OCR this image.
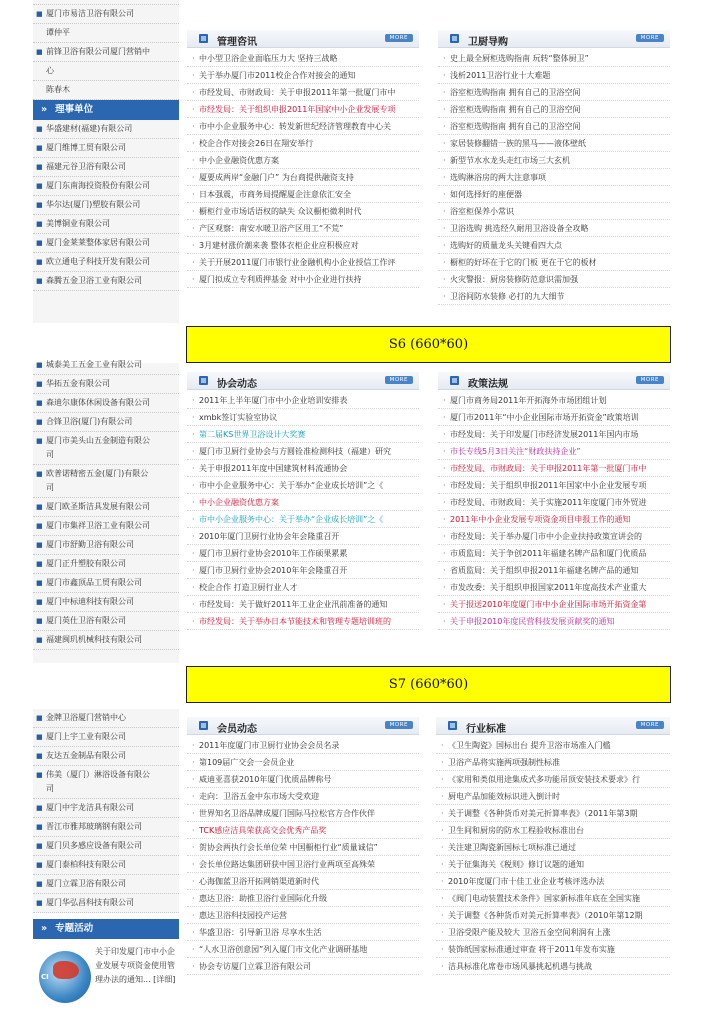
■ 厦门市易洁卫浴有限公司
谭仲平
■ 前锋卫浴有限公司厦门营销中
心
陈春木
» 理事单位
■ 华盛建材(福建)有限公司
■ 厦门维博工贸有限公司
■ 福建元谷卫浴有限公司
■ 厦门东南海投资股份有限公司
■ 华尔达(厦门)塑胶有限公司
■ 美博铜业有限公司
■ 厦门金莱莱整体家居有限公司
■ 欧立通电子科技开发有限公司
■ 森腾五金卫浴工业有限公司
管理咨讯	MORE
· 中小型卫浴企业面临压力大 坚持三战略
· 关于举办厦门市2011校企合作对接会的通知
· 市经发局、市财政局：关于申报2011年第一批厦门市中
· 市经发局：关于组织申报2011年国家中小企业发展专项
· 市中小企业服务中心：转发新世纪经济管理教育中心关
· 校企合作对接会26日在翔安举行
· 中小企业融资优惠方案
· 厦要成两岸“金融门户” 为台商提供融资支持
· 日本强震，市商务局提醒厦企注意依汇安全
· 橱柜行业市场话语权的缺失 众议橱柜微利时代
· 产区观察：南安水暖卫浴产区用工“不荒”
· 3月建材涨价潮来袭 整体衣柜企业应积极应对
· 关于开展2011厦门市银行业金融机构小企业授信工作评
· 厦门拟成立专利质押基金 对中小企业进行扶持
卫厨导购	MORE
· 史上最全厨柜选购指南 玩转“整体厨卫”
· 浅析2011卫浴行业十大难题
· 浴室柜选购指南 拥有自己的卫浴空间
· 浴室柜选购指南 拥有自己的卫浴空间
· 浴室柜选购指南 拥有自己的卫浴空间
· 家居装修翻错一族的黑马——液体壁纸
· 新型节水水龙头走红市场三大玄机
· 选购淋浴房的两大注意事项
· 如何选择好的座便器
· 浴室柜保养小常识
· 卫浴选购 挑选经久耐用卫浴设备全攻略
· 选购好的质量龙头关键看四大点
· 橱柜的好坏在于它的门板 更在于它的板材
· 火灾警报：厨房装修防范意识需加强
· 卫浴间防水装修 必打的九大细节
S6 (660*60)
■ 城泰美工五金工业有限公司
■ 华拓五金有限公司
■ 森迪尔康体休闲设备有限公司
■ 合锋卫浴(厦门)有限公司
■ 厦门市美头山五金制造有限公
司
■ 欧普诺精密五金(厦门)有限公
司
■ 厦门欧圣斯洁具发展有限公司
■ 厦门市集祥卫浴工业有限公司
■ 厦门市舒勤卫浴有限公司
■ 厦门正升塑胶有限公司
■ 厦门市鑫顶品工贸有限公司
■ 厦门中标迪科技有限公司
■ 厦门英仕卫浴有限公司
■ 福建闽玑机械科技有限公司
协会动态	MORE
· 2011年上半年厦门市中小企业培训安排表
· xmbk签订实验室协议
· 第二届KS世界卫浴设计大奖赛
· 厦门市卫厨行业协会与方圆铨准检测科技（福建）研究
· 关于申报2011年度中国建筑材料流通协会
· 市中小企业服务中心：关于举办“企业成长培训”之《
· 中小企业融资优惠方案
· 市中小企业服务中心：关于举办“企业成长培训”之《
· 2010年厦门卫厨行业协会年会隆重召开
· 厦门市卫厨行业协会2010年工作硕果累累
· 厦门市卫厨行业协会2010年年会隆重召开
· 校企合作 打造卫厨行业人才
· 市经发局：关于做好2011年工业企业汛前准备的通知
· 市经发局：关于举办日本节能技术和管理专题培训班的
政策法规	MORE
· 厦门市商务局2011年开拓海外市场团组计划
· 厦门市2011年“中小企业国际市场开拓资金”政策培训
· 市经发局：关于印发厦门市经济发展2011年国内市场
· 市长专线5月3日关注“财政扶持企业”
· 市经发局、市财政局：关于申报2011年第一批厦门市中
· 市经发局：关于组织申报2011年国家中小企业发展专项
· 市经发局、市财政局：关于实施2011年度厦门市外贸进
· 2011年中小企业发展专项资金项目申报工作的通知
· 市经发局：关于举办厦门市中小企业扶持政策宣讲会的
· 市质监局：关于争创2011年福建名牌产品和厦门优质品
· 省质监局：关于组织申报2011年福建名牌产品的通知
· 市发改委：关于组织申报国家2011年度高技术产业重大
· 关于报送2010年度厦门市中小企业国际市场开拓资金第
· 关于申报2010年度民营科技发展贡献奖的通知
S7 (660*60)
■ 金牌卫浴厦门营销中心
■ 厦门上宇工业有限公司
■ 友达五金制品有限公司
■ 伟美（厦门）淋浴设备有限公
司
■ 厦门中宇龙洁具有限公司
■ 晋江市雅邦玻璃钢有限公司
■ 厦门贝多感应设备有限公司
■ 厦门泰柏科技有限公司
■ 厦门立霖卫浴有限公司
■ 厦门华弘昌科技有限公司
» 专题活动
CI
关于印发厦门市中小企业发展专项资金使用管理办法的通知... [详细]
会员动态	MORE
· 2011年度厦门市卫厨行业协会会员名录
· 第109届广交会一会员企业
· 威迪亚喜获2010年厦门优质品牌称号
· 走向：卫浴五金中东市场大受欢迎
· 世界知名卫浴品牌成厦门国际马拉松官方合作伙伴
· TCK感应洁具荣获高交会优秀产品奖
· 贺协会两执行会长单位荣 中国橱柜行业“质量诚信”
· 会长单位路达集团研获中国卫浴行业两项至高殊荣
· 心海伽蓝卫浴开拓网销渠道新时代
· 惠达卫浴：助推卫浴行业国际化升级
· 惠达卫浴科技园投产运营
· 华盛卫浴：引导新卫浴 尽享水生活
· “人水卫浴创意园”列入厦门市文化产业调研基地
· 协会专访厦门立霖卫浴有限公司
行业标准	MORE
· 《卫生陶瓷》国标出台 提升卫浴市场准入门槛
· 卫浴产品将实施两项强制性标准
· 《家用和类似用途集成式多功能吊顶安装技术要求》行
· 厨电产品加能效标识进入倒计时
· 关于调整《各种货币对美元折算率表》（2011年第3期
· 卫生间和厨房的防水工程验收标准出台
· 关注建卫陶瓷新国标七项标准已通过
· 关于征集海关《税则》修订议题的通知
· 2010年度厦门市十佳工业企业考核评选办法
· 《阀门电动装置技术条件》国家新标准年底在全国实施
· 关于调整《各种货币对美元折算率表》（2010年第12期
· 卫浴受限产能及较大 卫浴五金空间利润有上涨
· 装饰纸国家标准通过审查 将于2011年发布实施
· 洁具标准化席卷市场风暴挑起机遇与挑战
